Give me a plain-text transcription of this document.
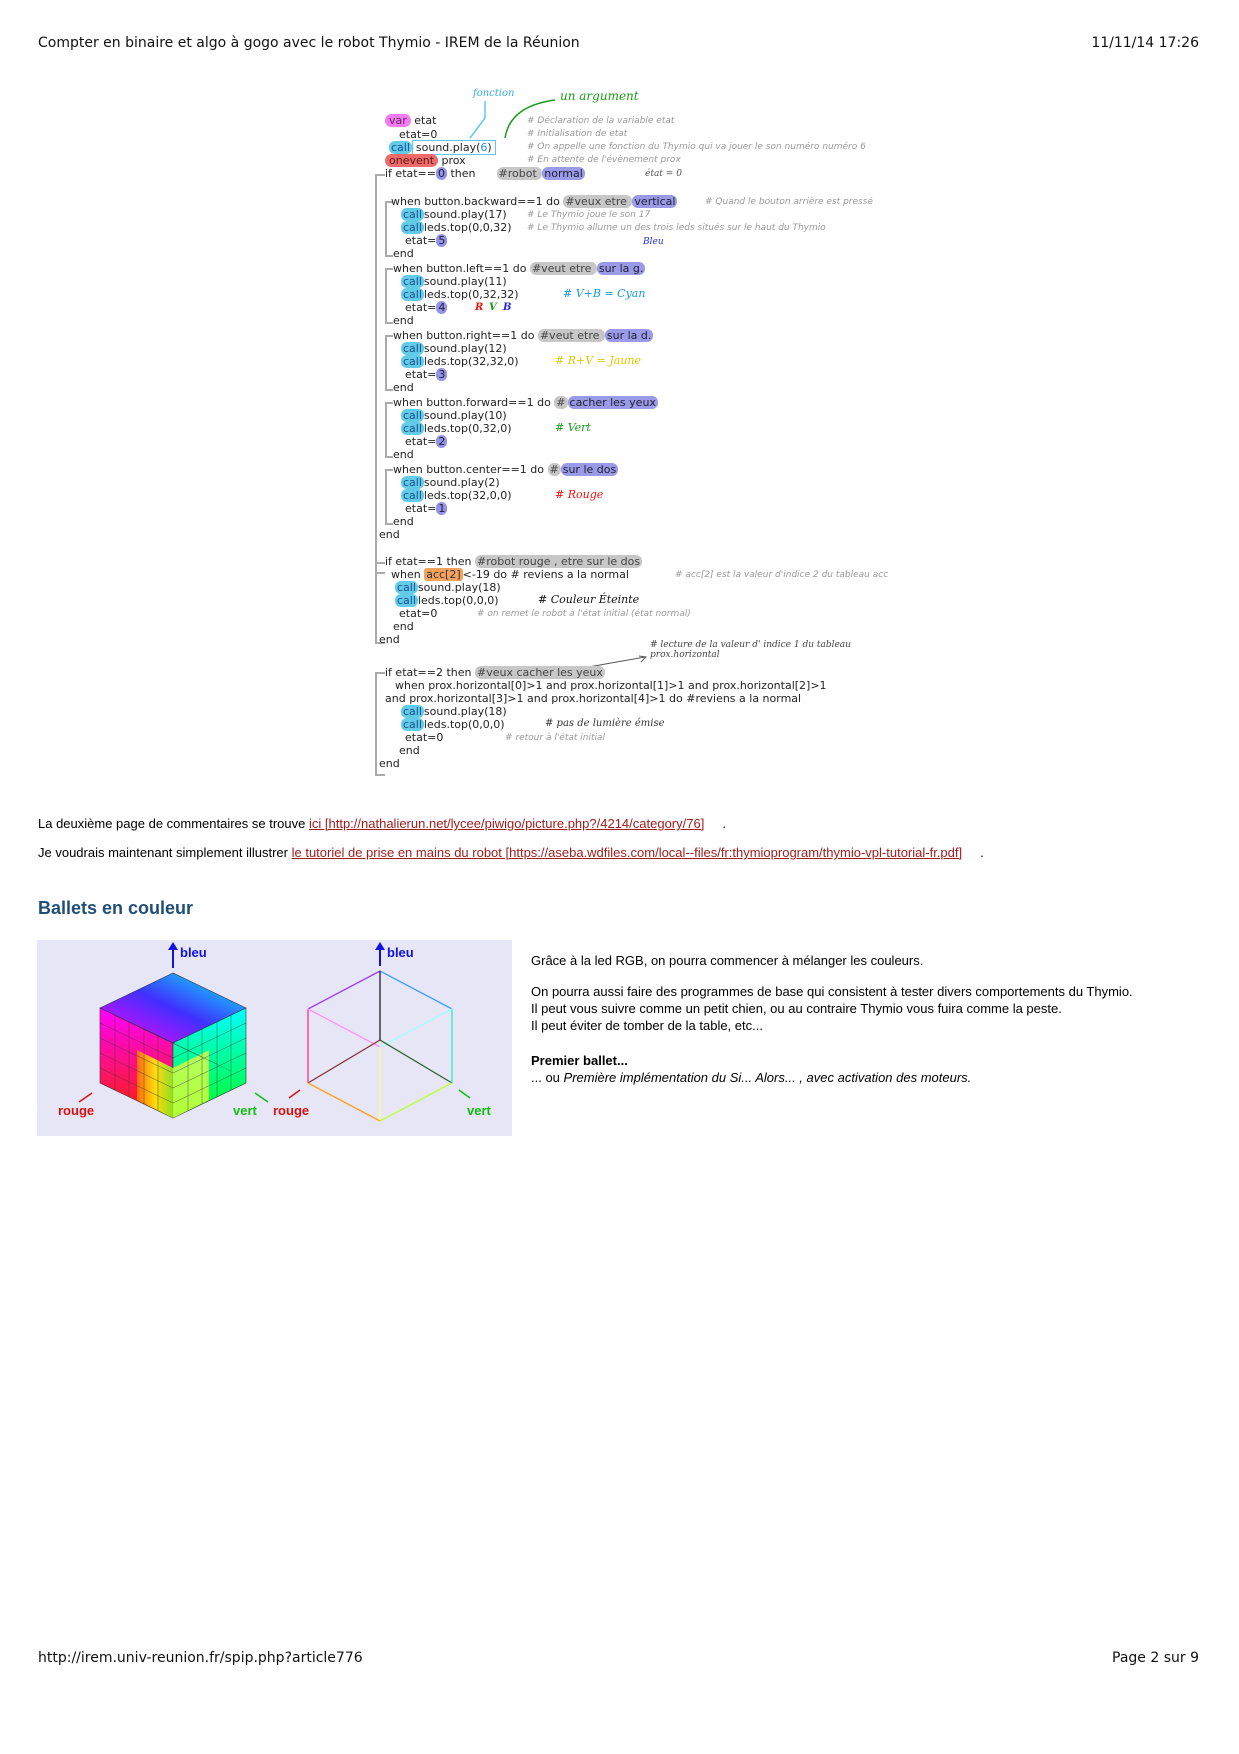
Compter en binaire et algo à gogo avec le robot Thymio - IREM de la Réunion	11/11/14 17:26
fonction	un argument
var etat
etat=0
call sound.play(6)
onevent prox
if etat== 0 then #robot normal	état = 0
# Déclaration de la variable etat
# Initialisation de etat
# On appelle une fonction du Thymio qui va jouer le son numéro numéro 6
# En attente de l'évènement prox
when button.backward==1 do #veux etre vertical	# Quand le bouton arrière est pressé
call sound.play(17) # Le Thymio joue le son 17
call leds.top(0,0,32) # Le Thymio allume un des trois leds situés sur le haut du Thymio
Bleu
etat= 5
end
when button.left==1 do #veut etre sur la g.
call sound.play(11)
call leds.top(0,32,32)
R V B
# V+B = Cyan
etat= 4
end
when button.right==1 do #veut etre sur la d.
call sound.play(12)
call leds.top(32,32,0)	# R+V = Jaune
etat= 3
end
when button.forward==1 do # cacher les yeux
call sound.play(10)
call leds.top(0,32,0)	# Vert
etat= 2
end
when button.center==1 do # sur le dos
call sound.play(2)
call leds.top(32,0,0)	# Rouge
etat= 1
end
end
if etat==1 then #robot rouge , etre sur le dos
when acc[2] <-19 do # reviens a la normal	# acc[2] est la valeur d'indice 2 du tableau acc
call sound.play(18)
call leds.top(0,0,0)	# Couleur Éteinte
etat=0	# on remet le robot à l'état initial (état normal)
end
end	# lecture de la valeur d' indice 1 du tableau prox.horizontal
if etat==2 then #veux cacher les yeux
when prox.horizontal[0]>1 and prox.horizontal[1]>1 and prox.horizontal[2]>1
and prox.horizontal[3]>1 and prox.horizontal[4]>1 do #reviens a la normal
call sound.play(18)
call leds.top(0,0,0)	# pas de lumière émise
etat=0	# retour à l'état initial
end
end
La deuxième page de commentaires se trouve ici [http://nathalierun.net/lycee/piwigo/picture.php?/4214/category/76] .
Je voudrais maintenant simplement illustrer le tutoriel de prise en mains du robot [https://aseba.wdfiles.com/local--files/fr:thymioprogram/thymio-vpl-tutorial-fr.pdf] .
Ballets en couleur
bleu
rouge	vert
bleu
rouge	vert
Grâce à la led RGB, on pourra commencer à mélanger les couleurs.
On pourra aussi faire des programmes de base qui consistent à tester divers comportements du Thymio.
Il peut vous suivre comme un petit chien, ou au contraire Thymio vous fuira comme la peste.
Il peut éviter de tomber de la table, etc...
Premier ballet...
... ou Première implémentation du Si... Alors... , avec activation des moteurs.
http://irem.univ-reunion.fr/spip.php?article776	Page 2 sur 9
